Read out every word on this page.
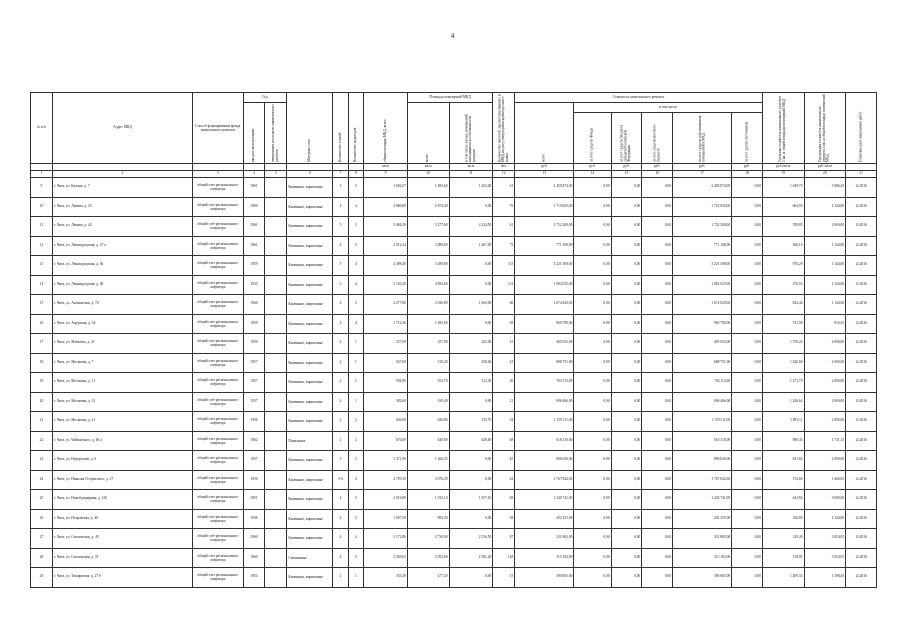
4
№ п/п	Адрес МКД	Способ формирования фонда капитального ремонта	Год		Материал стен	Количество этажей	Количество подъездов	общая площадь МКД, всего	Площадь помещений МКД		Количество жителей, зарегистрированных в МКД на дату утверждения краткосрочного плана	Стоимость капитального ремонта						Удельная стоимость капитального ремонта 1 кв. м общей площади помещений МКД	Предельная стоимость капитального ремонта 1 кв. м общей площади помещений МКД	Плановая дата завершения работ
			ввода в эксплуатацию	завершения последнего капитального ремонта					всего	в том числе жилых помещений, находящихся в собственности граждан		всего	в том числе							
													за счет средств Фонда	за счет средств бюджета субъекта Российской Федерации	за счет средств местного бюджета	за счет средств собственников помещений в МКД	за счет других источников			
								кв.м	кв.м	кв.м	чел.	руб.	руб.	руб.	руб.	руб.	руб.	руб./кв.м	руб./кв.м	
1	2	3	4	5	6	7	8	9	10	11	12	13	14	15	16	17	18	19	20	21
9	г. Чита, ул. Калина, д. 7	общий счет регионального оператора	1961		Каменные, кирпичные	3	3	1 682,07	1 483,60	1 202,00	61	2 450 874,00	0,00	0,00	0,00	2 450 874,00	0,00	1 649,75	3 986,45	12.2016
10	г. Чита, ул. Ленина, д. 25	общий счет регионального оператора	1969		Каменные, кирпичные	4	4	2 860,80	2 874,40	0,00	76	1 710 835,00	0,00	0,00	0,00	1 710 835,00	0,00	664,50	1 144,00	12.2016
11	г. Чита, ул. Ленина, д. 42	общий счет регионального оператора	1961		Каменные, кирпичные	5	5	5 484,50	5 277,60	4 324,50	41	1 752 200,00	0,00	0,00	0,00	1 752 200,00	0,00	708,85	2 690,00	12.2016
12	г. Чита, ул. Ленинградская, д. 47 а	общий счет регионального оператора	1961		Каменные, кирпичные	4	3	2 012,34	2 088,80	1 467,50	73	771 108,00	0,00	0,00	0,00	771 108,00	0,00	369,16	1 144,00	12.2016
13	г. Чита, ул. Ленинградская, д. 56	общий счет регионального оператора	1959		Каменные, кирпичные	5	4	4 498,40	3 299,80	0,00	115	3 221 308,00	0,00	0,00	0,00	3 221 308,00	0,00	976,29	1 144,00	12.2016
14	г. Чита, ул. Ленинградская, д. 58	общий счет регионального оператора	1935		Каменные, кирпичные	5	4	5 105,20	4 092,60	0,00	113	1 082 025,00	0,00	0,00	0,00	1 082 025,00	0,00	270,53	1 144,00	12.2016
15	г. Чита, ул. Анохинская, д. 74	общий счет регионального оператора	1966		Каменные, кирпичные	4	3	2 277,80	2 036,80	1 663,00	66	1 674 820,00	0,00	0,00	0,00	1 674 820,00	0,00	822,44	1 144,00	12.2016
16	г. Чита, ул. Амурская, д. 34	общий счет регионального оператора	1959		Каменные, кирпичные	4	4	1 712,36	1 295,60	0,00	38	960 790,00	0,00	0,00	0,00	960 790,00	0,00	741,58	916,45	12.2016
17	г. Чита, ул. Матвеева, д. 21	общий счет регионального оператора	1959		Каменные, кирпичные	2	1	257,00	257,00	225,00	15	405 033,00	0,00	0,00	0,00	405 033,00	0,00	1 576,24	2 690,00	12.2016
18	г. Чита, ул. Московая, д. 7	общий счет регионального оператора	1957		Каменные, кирпичные	2	1	547,60	510,20	458,40	23	688 751,00	0,00	0,00	0,00	688 751,00	0,00	1 326,66	2 690,00	12.2016
19	г. Чита, ул. Московая, д. 11	общий счет регионального оператора	1957		Каменные, кирпичные	2	1	594,90	552,70	512,30	20	704 115,00	0,00	0,00	0,00	704 115,00	0,00	1 273,79	2 690,00	12.2016
20	г. Чита, ул. Московая, д. 13	общий счет регионального оператора	1957		Каменные, кирпичные	2	1	382,60	339,40	0,00	21	696 466,00	0,00	0,00	0,00	696 466,00	0,00	1 246,64	2 690,00	12.2016
21	г. Чита, ул. Московая, д. 21	общий счет регионального оператора	1956		Каменные, кирпичные	2	2	646,00	626,80	315,70	32	1 159 511,00	0,00	0,00	0,00	1 159 511,00	0,00	1 893,11	2 690,00	12.2016
22	г. Чита, ул. Чайковского, д. 66 а	общий счет регионального оператора	1962		Панельные	2	2	676,00	628,60	628,60	68	616 310,00	0,00	0,00	0,00	616 310,00	0,00	980,45	1 731,15	12.2016
23	г. Чита, ул. Недорезова, д. 6	общий счет регионального оператора	1957		Каменные, кирпичные	3	3	1 371,90	1 266,25	0,00	45	800 040,00	0,00	0,00	0,00	800 040,00	0,00	631,82	2 690,00	12.2016
24	г. Чита, ул. Николая Островского, д. 27	общий счет регионального оператора	1956		Каменные, кирпичные	5-6	4	4 795,50	3 076,20	0,00	62	1 767 842,00	0,00	0,00	0,00	1 767 842,00	0,00	574,69	1 466,65	12.2016
25	г. Чита, ул. Новобульварная, д. 129	общий счет регионального оператора	1951		Каменные, кирпичные	4	3	2 016,80	1 933,10	1 957,10	69	1 240 741,00	0,00	0,00	0,00	1 240 741,00	0,00	641,84	3 690,00	12.2016
26	г. Чита, ул. Петровская, д. 40	общий счет регионального оператора	1936		Каменные, кирпичные	2	2	1 007,50	894,30	0,00	38	292 255,00	0,00	0,00	0,00	292 255,00	0,00	326,85	1 144,00	12.2016
27	г. Чита, ул. Смоленская, д. 49	общий счет регионального оператора	1960		Каменные, кирпичные	4	4	3 172,80	2 738,90	2 516,50	87	331 882,00	0,00	0,00	0,00	331 882,00	0,00	120,49	3 854,05	12.2016
28	г. Чита, ул. Смоленская, д. 51	общий счет регионального оператора	1960		Смешанные	4	3	3 269,03	2 952,60	2 381,20	148	315 183,00	0,00	0,00	0,00	315 183,00	0,00	118,91	3 854,05	12.2016
29	г. Чита, ул. Тимирязева, д. 27 б	общий счет регионального оператора	1954		Каменные, кирпичные	2	1	355,30	277,20	0,00	15	390 665,00	0,00	0,00	0,00	390 665,00	0,00	1 409,33	1 398,45	12.2016
